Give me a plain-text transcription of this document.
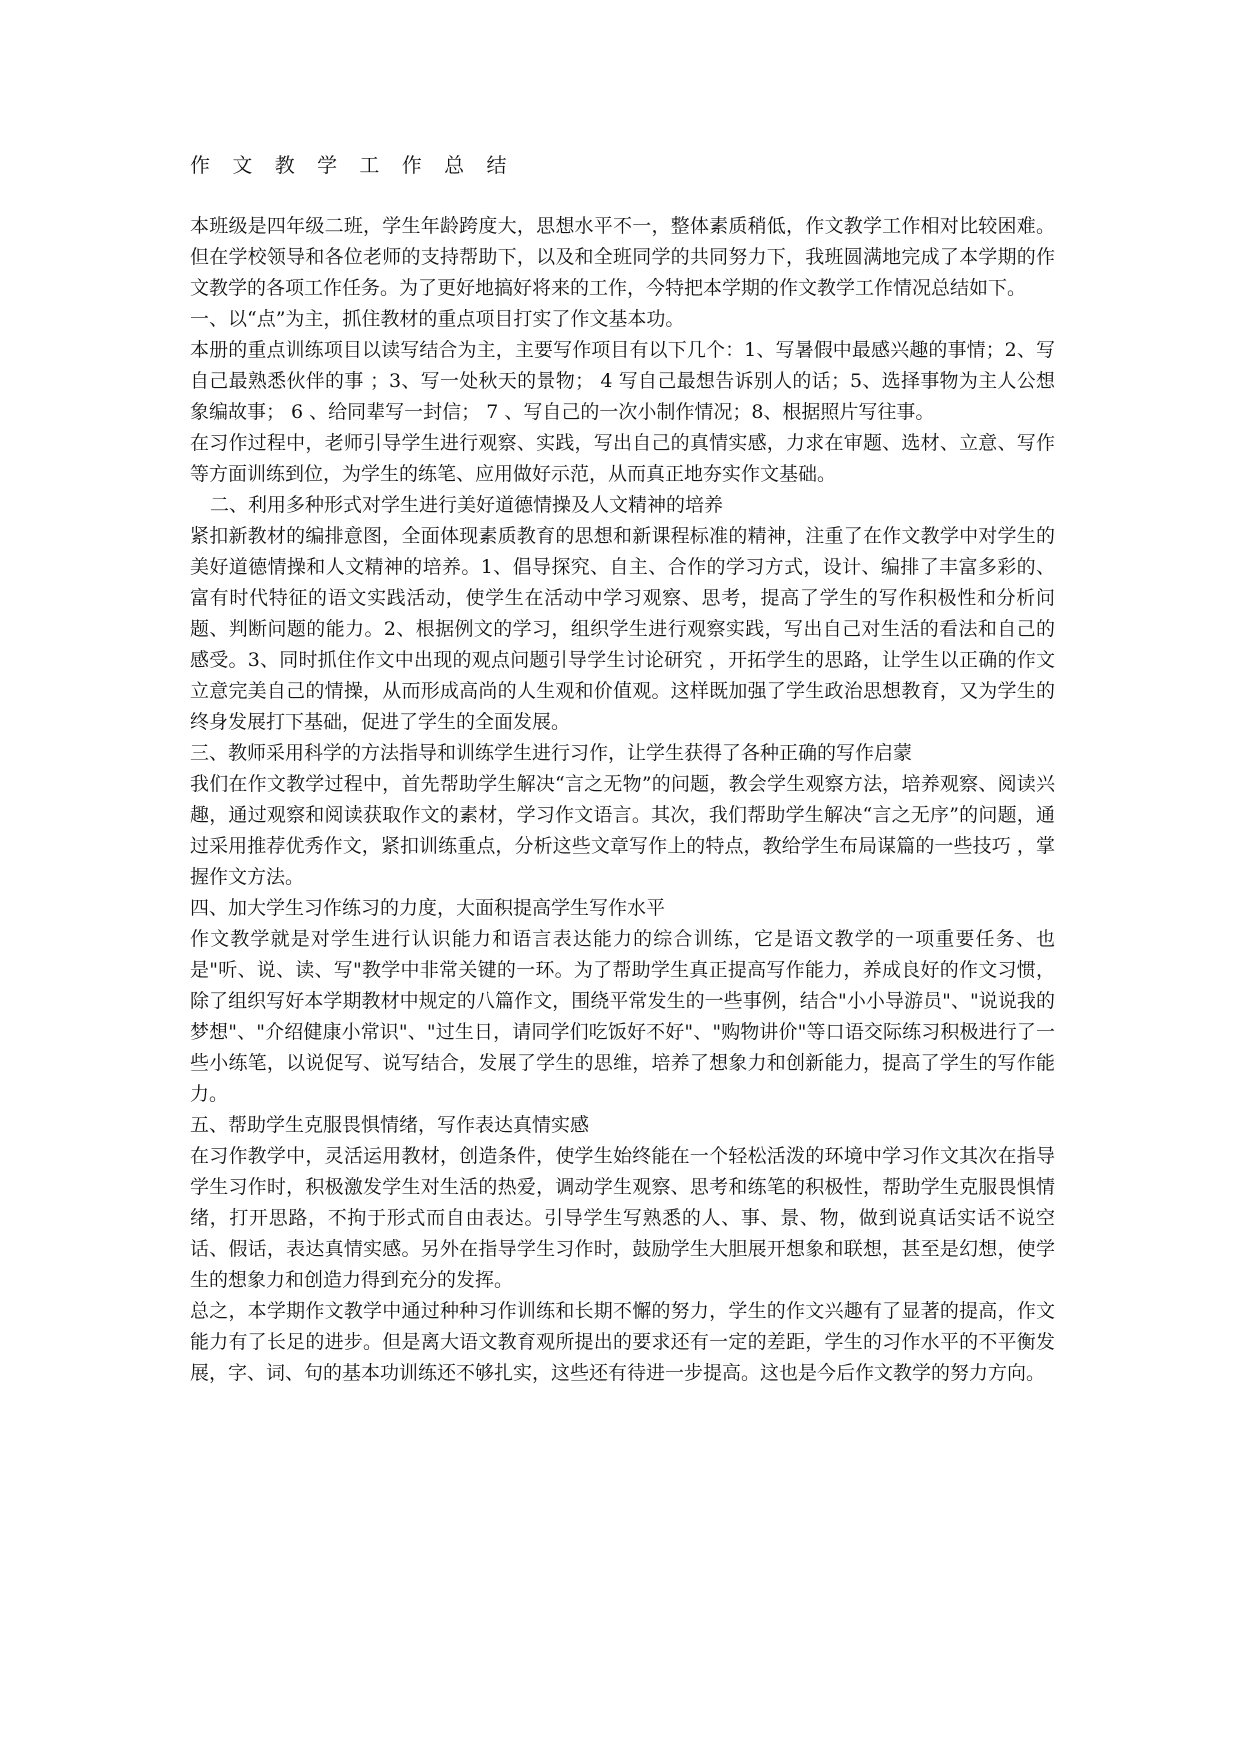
作 文 教 学 工 作 总 结

本班级是四年级二班，学生年龄跨度大，思想水平不一，整体素质稍低，作文教学工作相对比较困难。但在学校领导和各位老师的支持帮助下，以及和全班同学的共同努力下，我班圆满地完成了本学期的作文教学的各项工作任务。为了更好地搞好将来的工作，今特把本学期的作文教学工作情况总结如下。

一、以“点”为主，抓住教材的重点项目打实了作文基本功。

本册的重点训练项目以读写结合为主，主要写作项目有以下几个：1、写暑假中最感兴趣的事情；2、写自己最熟悉伙伴的事 ；3、写一处秋天的景物； 4 写自己最想告诉别人的话；5、选择事物为主人公想象编故事； 6 、给同辈写一封信； 7 、写自己的一次小制作情况；8、根据照片写往事。

在习作过程中，老师引导学生进行观察、实践，写出自己的真情实感，力求在审题、选材、立意、写作等方面训练到位，为学生的练笔、应用做好示范，从而真正地夯实作文基础。

二、利用多种形式对学生进行美好道德情操及人文精神的培养

紧扣新教材的编排意图，全面体现素质教育的思想和新课程标准的精神，注重了在作文教学中对学生的美好道德情操和人文精神的培养。1、倡导探究、自主、合作的学习方式，设计、编排了丰富多彩的、富有时代特征的语文实践活动，使学生在活动中学习观察、思考，提高了学生的写作积极性和分析问题、判断问题的能力。2、根据例文的学习，组织学生进行观察实践，写出自己对生活的看法和自己的感受。3、同时抓住作文中出现的观点问题引导学生讨论研究 ，开拓学生的思路，让学生以正确的作文立意完美自己的情操，从而形成高尚的人生观和价值观。这样既加强了学生政治思想教育，又为学生的终身发展打下基础，促进了学生的全面发展。

三、教师采用科学的方法指导和训练学生进行习作，让学生获得了各种正确的写作启蒙

我们在作文教学过程中，首先帮助学生解决“言之无物”的问题，教会学生观察方法，培养观察、阅读兴趣，通过观察和阅读获取作文的素材，学习作文语言。其次，我们帮助学生解决“言之无序”的问题，通过采用推荐优秀作文，紧扣训练重点，分析这些文章写作上的特点，教给学生布局谋篇的一些技巧 ，掌握作文方法。

四、加大学生习作练习的力度，大面积提高学生写作水平

作文教学就是对学生进行认识能力和语言表达能力的综合训练，它是语文教学的一项重要任务、也是"听、说、读、写"教学中非常关键的一环。为了帮助学生真正提高写作能力，养成良好的作文习惯，除了组织写好本学期教材中规定的八篇作文，围绕平常发生的一些事例，结合"小小导游员"、"说说我的梦想"、"介绍健康小常识"、"过生日，请同学们吃饭好不好"、"购物讲价"等口语交际练习积极进行了一些小练笔，以说促写、说写结合，发展了学生的思维，培养了想象力和创新能力，提高了学生的写作能力。

五、帮助学生克服畏惧情绪，写作表达真情实感

在习作教学中，灵活运用教材，创造条件，使学生始终能在一个轻松活泼的环境中学习作文其次在指导学生习作时，积极激发学生对生活的热爱，调动学生观察、思考和练笔的积极性，帮助学生克服畏惧情绪，打开思路，不拘于形式而自由表达。引导学生写熟悉的人、事、景、物，做到说真话实话不说空话、假话，表达真情实感。另外在指导学生习作时，鼓励学生大胆展开想象和联想，甚至是幻想，使学生的想象力和创造力得到充分的发挥。

总之，本学期作文教学中通过种种习作训练和长期不懈的努力，学生的作文兴趣有了显著的提高，作文能力有了长足的进步。但是离大语文教育观所提出的要求还有一定的差距，学生的习作水平的不平衡发展，字、词、句的基本功训练还不够扎实，这些还有待进一步提高。这也是今后作文教学的努力方向。
